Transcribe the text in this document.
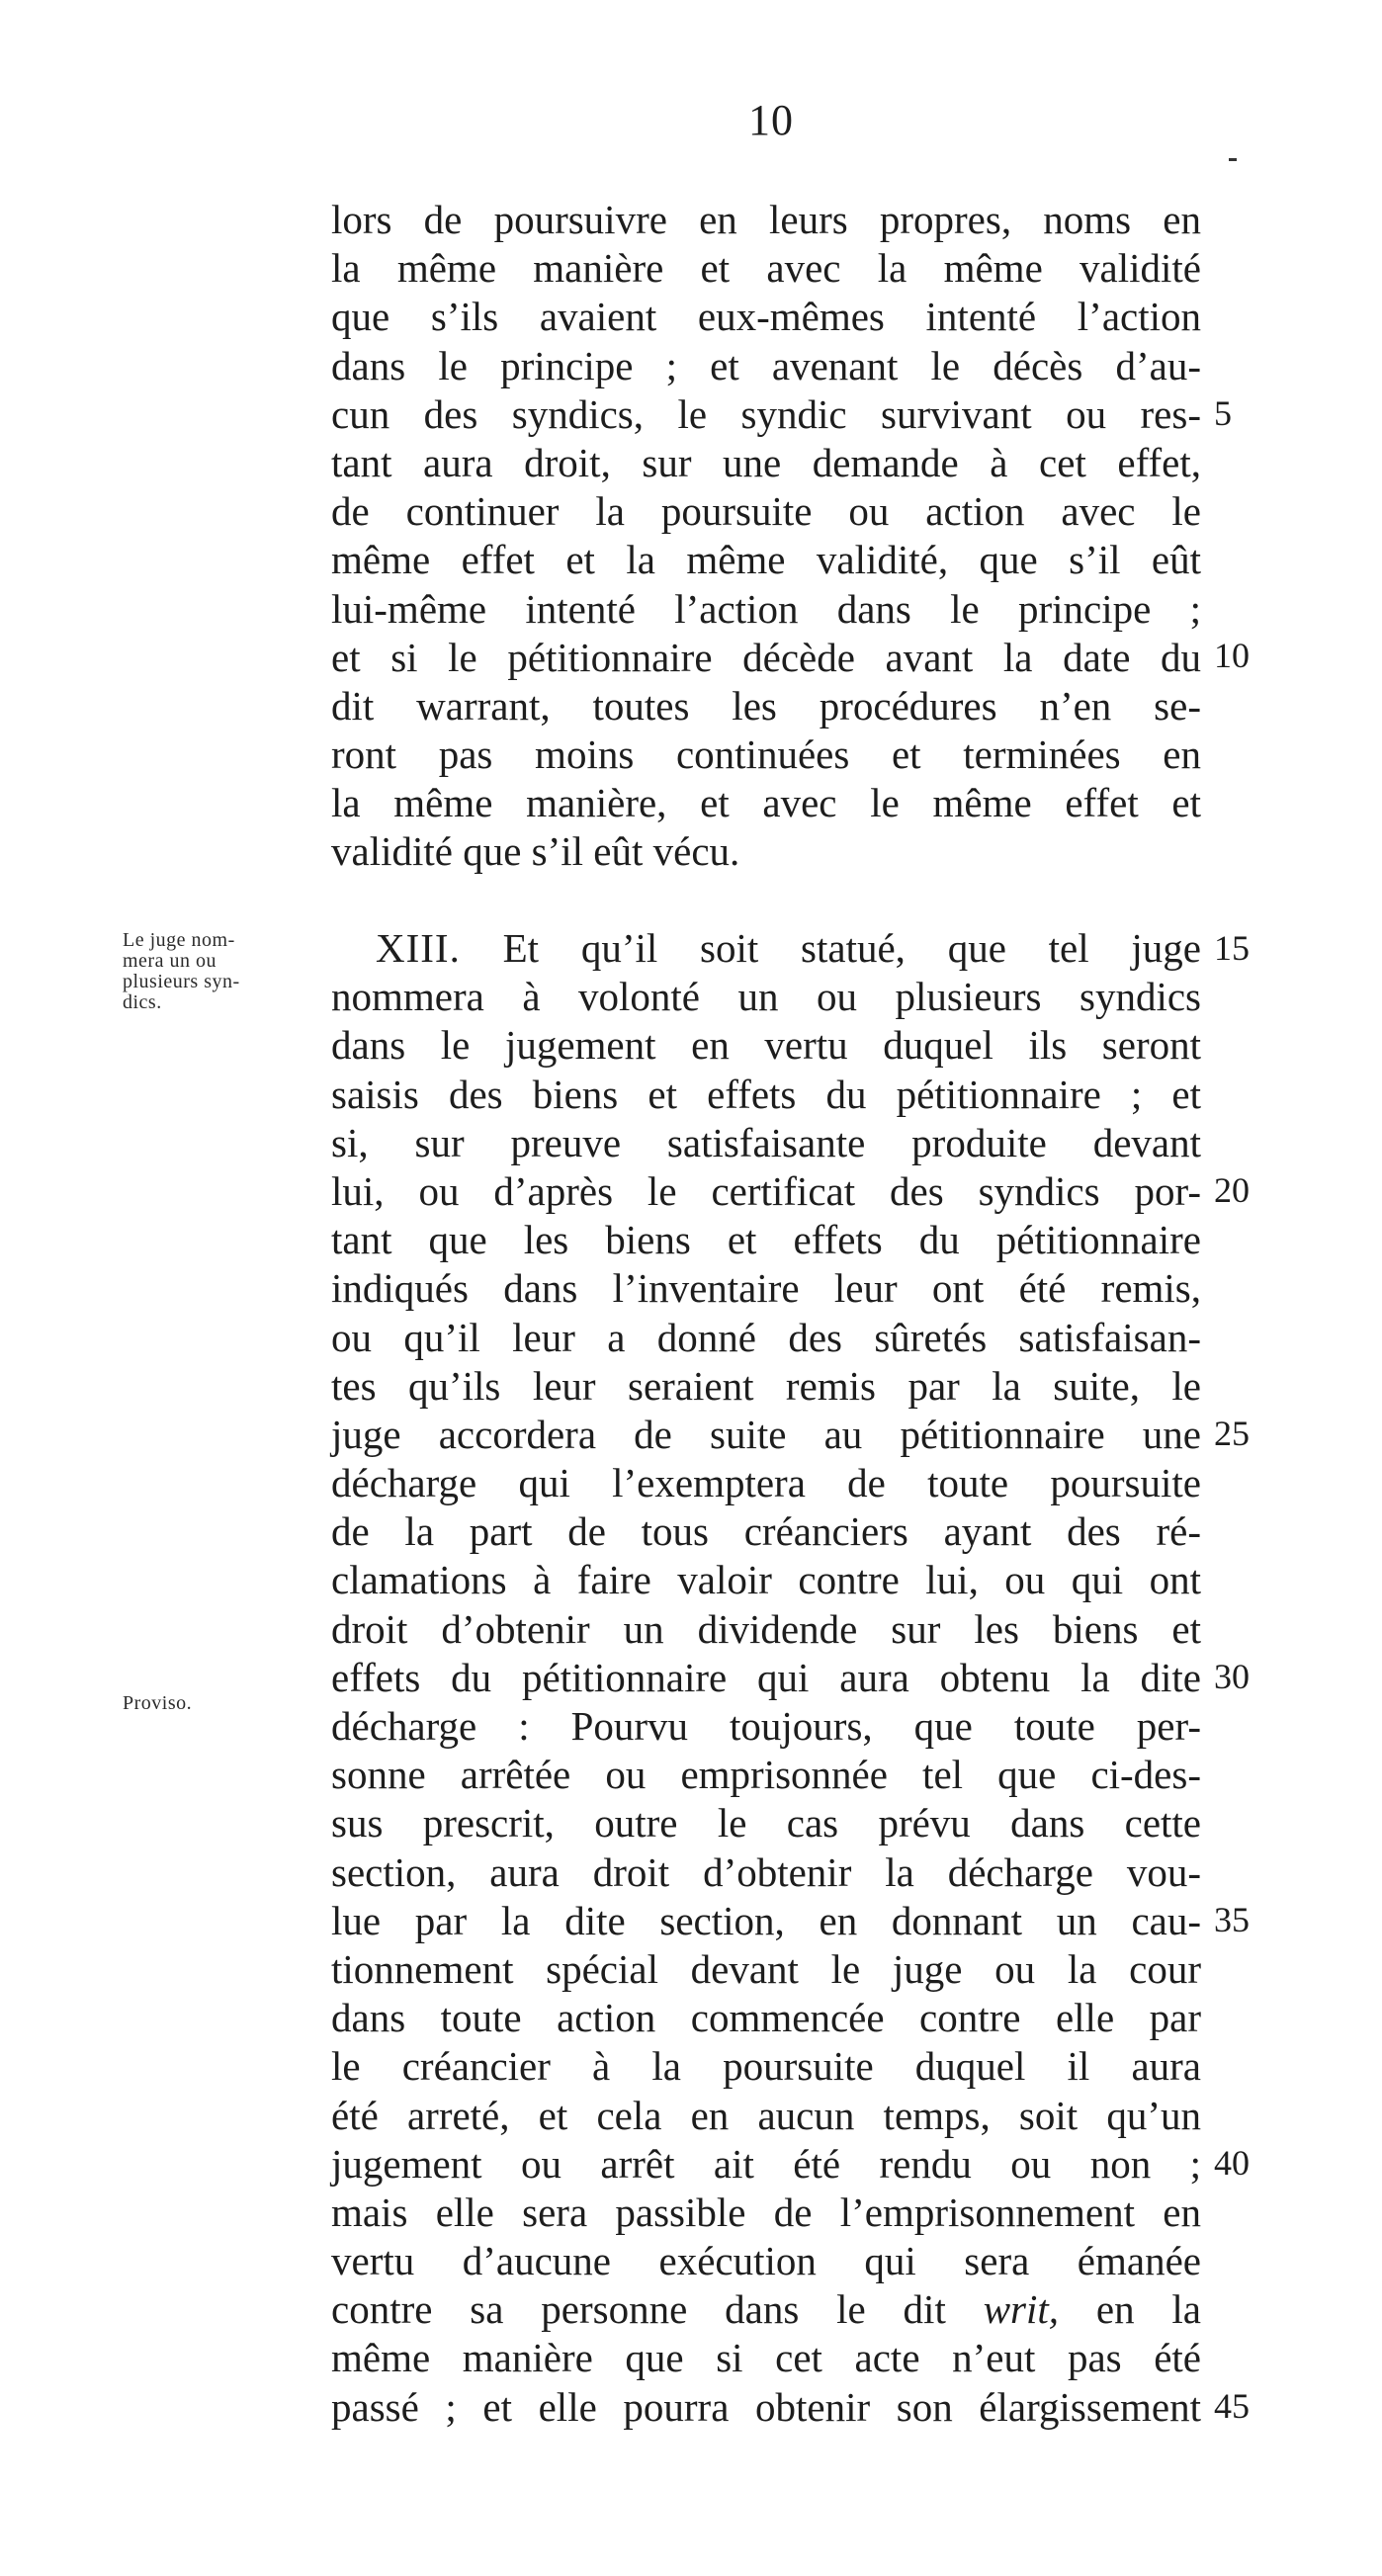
10
lors de poursuivre en leurs propres, noms en
la même manière et avec la même validité
que s’ils avaient eux-mêmes intenté l’action
dans le principe ; et avenant le décès d’au-
cun des syndics, le syndic survivant ou res-
tant aura droit, sur une demande à cet effet,
de continuer la poursuite ou action avec le
même effet et la même validité, que s’il eût
lui-même intenté l’action dans le principe ;
et si le pétitionnaire décède avant la date du
dit warrant, toutes les procédures n’en se-
ront pas moins continuées et terminées en
la même manière, et avec le même effet et
validité que s’il eût vécu.
XIII. Et qu’il soit statué, que tel juge
nommera à volonté un ou plusieurs syndics
dans le jugement en vertu duquel ils seront
saisis des biens et effets du pétitionnaire ; et
si, sur preuve satisfaisante produite devant
lui, ou d’après le certificat des syndics por-
tant que les biens et effets du pétitionnaire
indiqués dans l’inventaire leur ont été remis,
ou qu’il leur a donné des sûretés satisfaisan-
tes qu’ils leur seraient remis par la suite, le
juge accordera de suite au pétitionnaire une
décharge qui l’exemptera de toute poursuite
de la part de tous créanciers ayant des ré-
clamations à faire valoir contre lui, ou qui ont
droit d’obtenir un dividende sur les biens et
effets du pétitionnaire qui aura obtenu la dite
décharge : Pourvu toujours, que toute per-
sonne arrêtée ou emprisonnée tel que ci-des-
sus prescrit, outre le cas prévu dans cette
section, aura droit d’obtenir la décharge vou-
lue par la dite section, en donnant un cau-
tionnement spécial devant le juge ou la cour
dans toute action commencée contre elle par
le créancier à la poursuite duquel il aura
été arreté, et cela en aucun temps, soit qu’un
jugement ou arrêt ait été rendu ou non ;
mais elle sera passible de l’emprisonnement en
vertu d’aucune exécution qui sera émanée
contre sa personne dans le dit writ, en la
même manière que si cet acte n’eut pas été
passé ; et elle pourra obtenir son élargissement
Le juge nom-
mera un ou
plusieurs syn-
dics.
Proviso.
5
10
15
20
25
30
35
40
45
